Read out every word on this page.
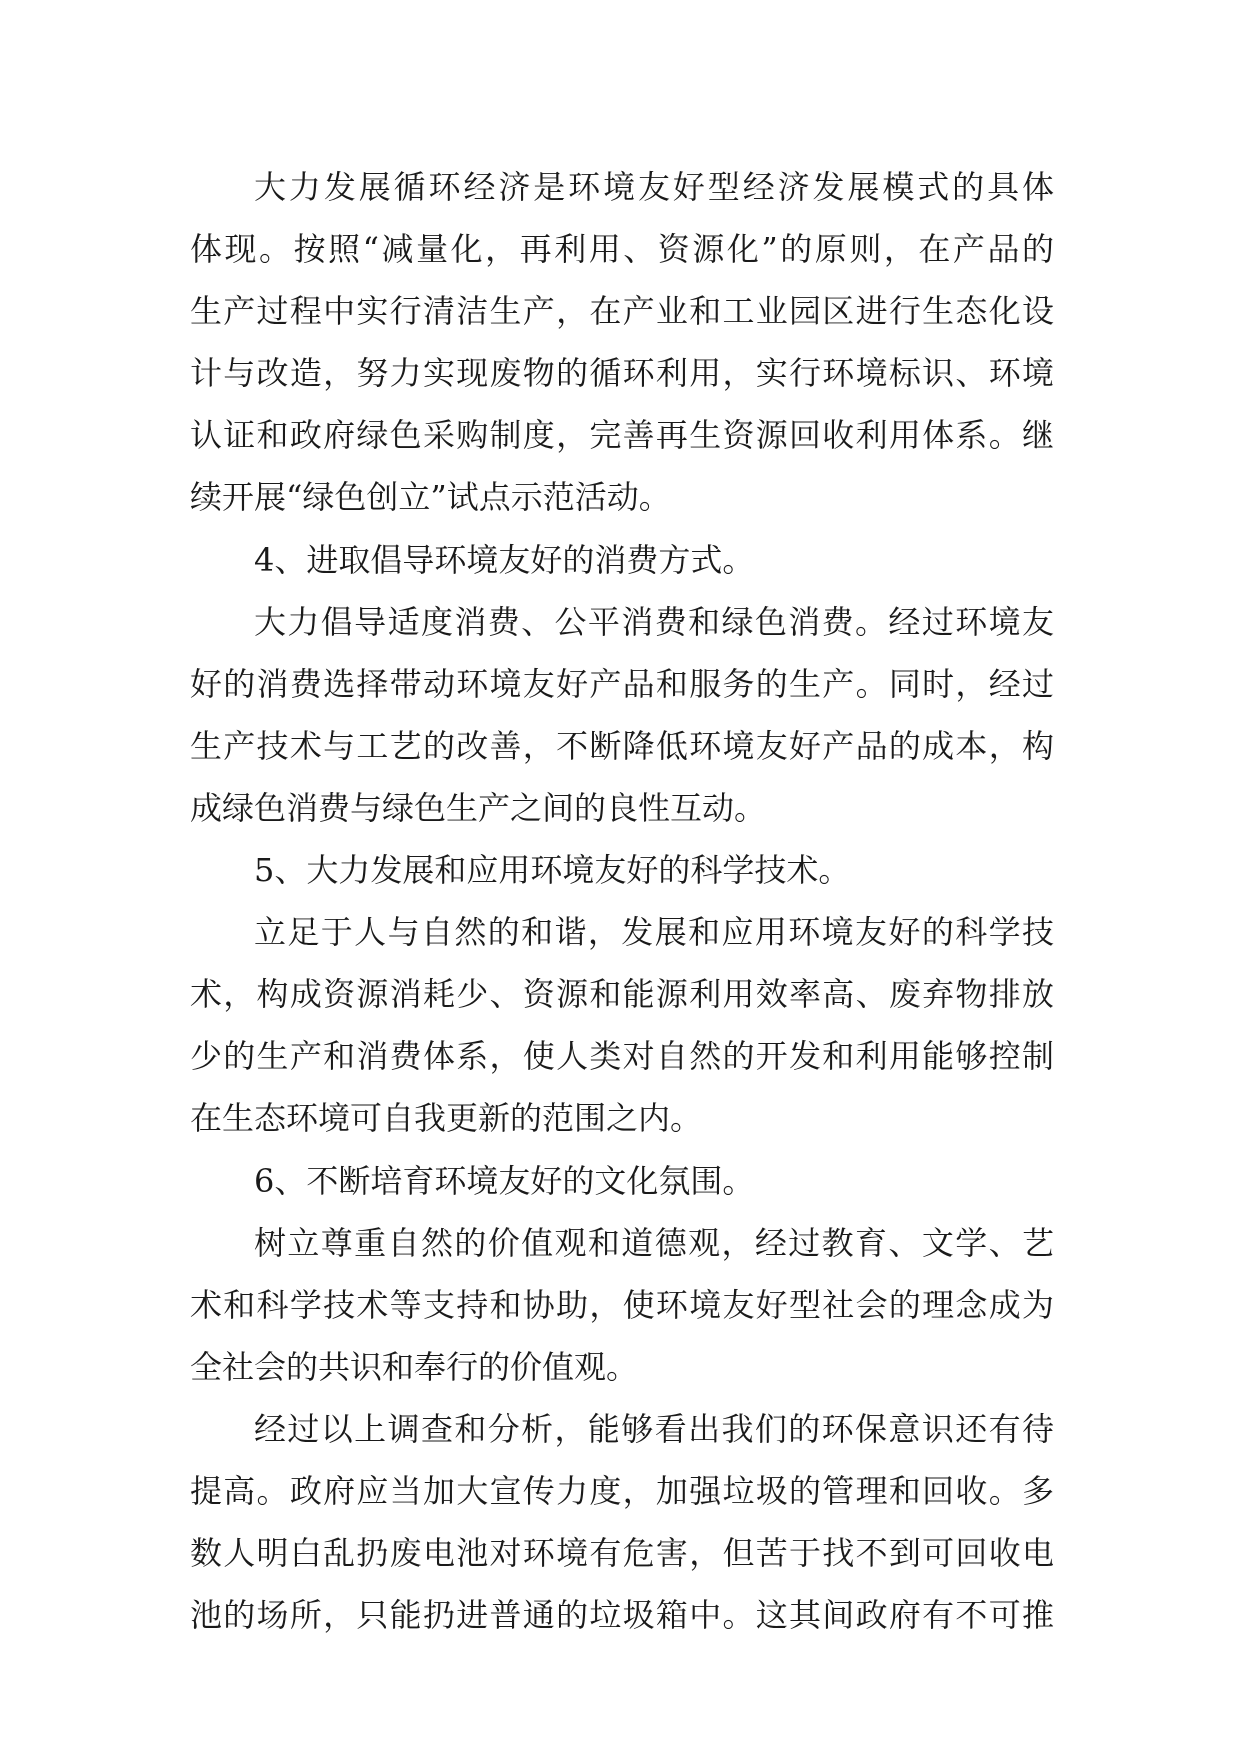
大力发展循环经济是环境友好型经济发展模式的具体
体现。按照“减量化，再利用、资源化”的原则，在产品的
生产过程中实行清洁生产，在产业和工业园区进行生态化设
计与改造，努力实现废物的循环利用，实行环境标识、环境
认证和政府绿色采购制度，完善再生资源回收利用体系。继
续开展“绿色创立”试点示范活动。
4、进取倡导环境友好的消费方式。
大力倡导适度消费、公平消费和绿色消费。经过环境友
好的消费选择带动环境友好产品和服务的生产。同时，经过
生产技术与工艺的改善，不断降低环境友好产品的成本，构
成绿色消费与绿色生产之间的良性互动。
5、大力发展和应用环境友好的科学技术。
立足于人与自然的和谐，发展和应用环境友好的科学技
术，构成资源消耗少、资源和能源利用效率高、废弃物排放
少的生产和消费体系，使人类对自然的开发和利用能够控制
在生态环境可自我更新的范围之内。
6、不断培育环境友好的文化氛围。
树立尊重自然的价值观和道德观，经过教育、文学、艺
术和科学技术等支持和协助，使环境友好型社会的理念成为
全社会的共识和奉行的价值观。
经过以上调查和分析，能够看出我们的环保意识还有待
提高。政府应当加大宣传力度，加强垃圾的管理和回收。多
数人明白乱扔废电池对环境有危害，但苦于找不到可回收电
池的场所，只能扔进普通的垃圾箱中。这其间政府有不可推
